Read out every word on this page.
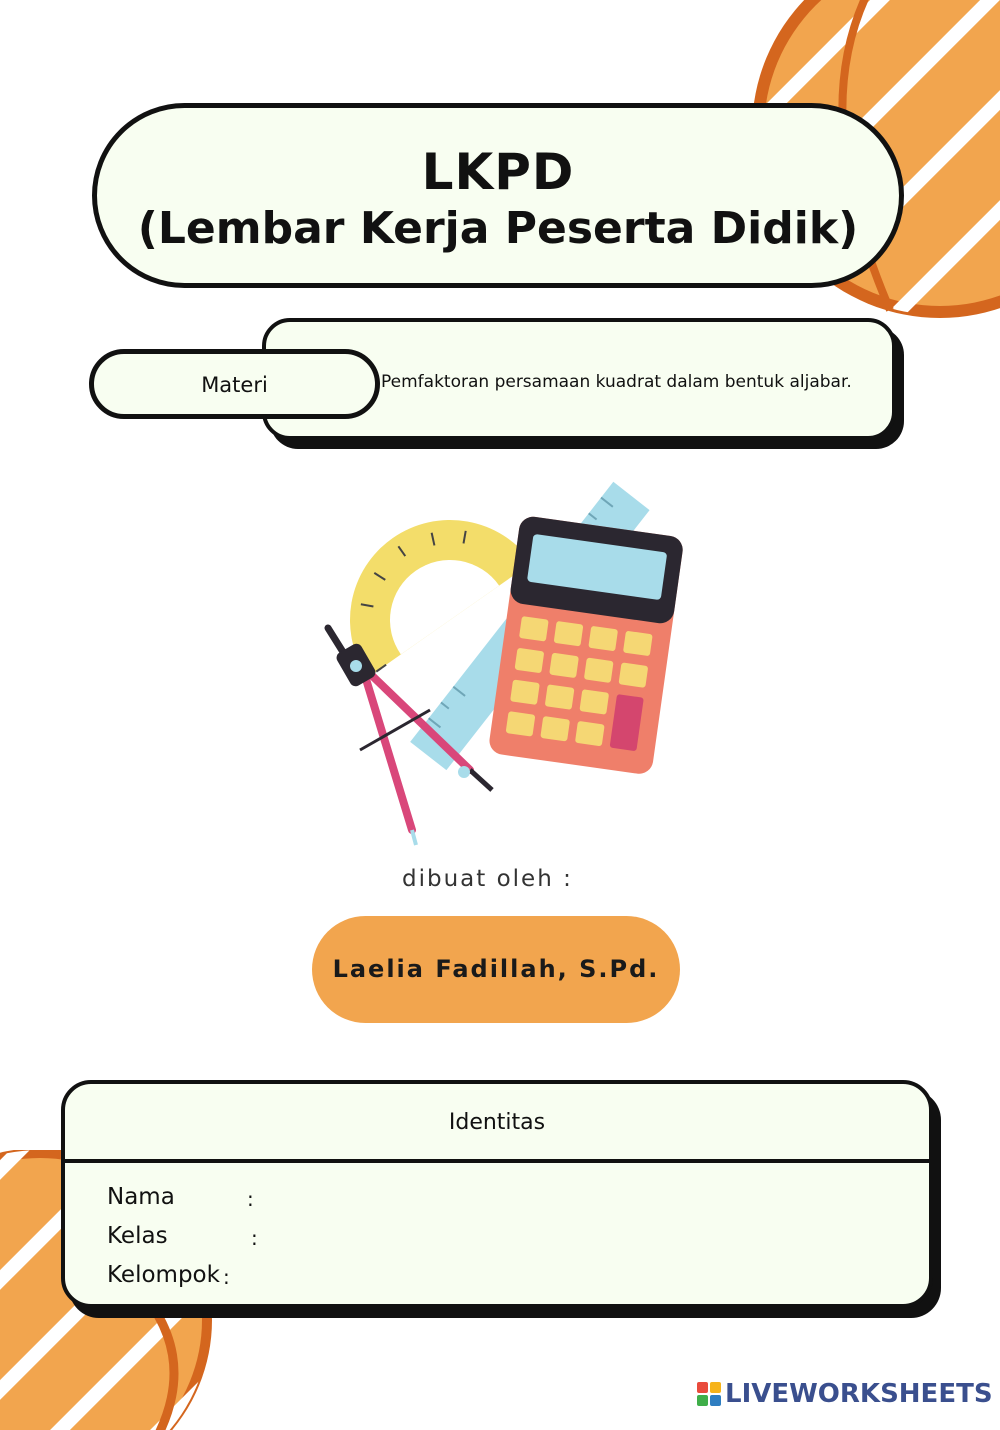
LKPD
(Lembar Kerja Peserta Didik)
Pemfaktoran persamaan kuadrat dalam bentuk aljabar.
Materi
dibuat oleh :
Laelia Fadillah, S.Pd.
Identitas
Nama	:
Kelas	:
Kelompok :
LIVEWORKSHEETS
